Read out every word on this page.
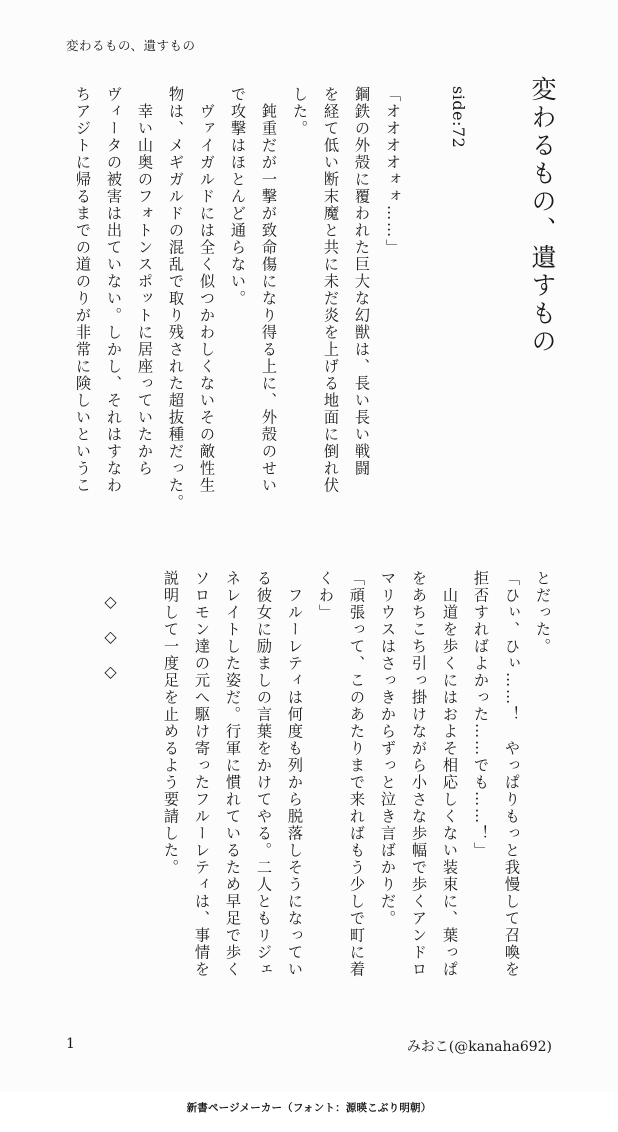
変わるもの、遺すもの
変わるもの、遺すもの
side:72
「オオオオォォ……」
鋼鉄の外殻に覆われた巨大な幻獣は、長い長い戦闘
を経て低い断末魔と共に未だ炎を上げる地面に倒れ伏
した。
　鈍重だが一撃が致命傷になり得る上に、外殻のせい
で攻撃はほとんど通らない。
　ヴァイガルドには全く似つかわしくないその敵性生
物は、メギガルドの混乱で取り残された超抜種だった。
　幸い山奥のフォトンスポットに居座っていたから
ヴィータの被害は出ていない。しかし、それはすなわ
ちアジトに帰るまでの道のりが非常に険しいというこ
とだった。
「ひぃ、ひぃ……！　やっぱりもっと我慢して召喚を
拒否すればよかった……でも……！」
　山道を歩くにはおよそ相応しくない装束に、葉っぱ
をあちこち引っ掛けながら小さな歩幅で歩くアンドロ
マリウスはさっきからずっと泣き言ばかりだ。
「頑張って、このあたりまで来ればもう少しで町に着
くわ」
　フルーレティは何度も列から脱落しそうになってい
る彼女に励ましの言葉をかけてやる。二人ともリジェ
ネレイトした姿だ。行軍に慣れているため早足で歩く
ソロモン達の元へ駆け寄ったフルーレティは、事情を
説明して一度足を止めるよう要請した。
◇◇◇
1	みおこ(@kanaha692)
新書ページメーカー（フォント：源暎こぶり明朝）
